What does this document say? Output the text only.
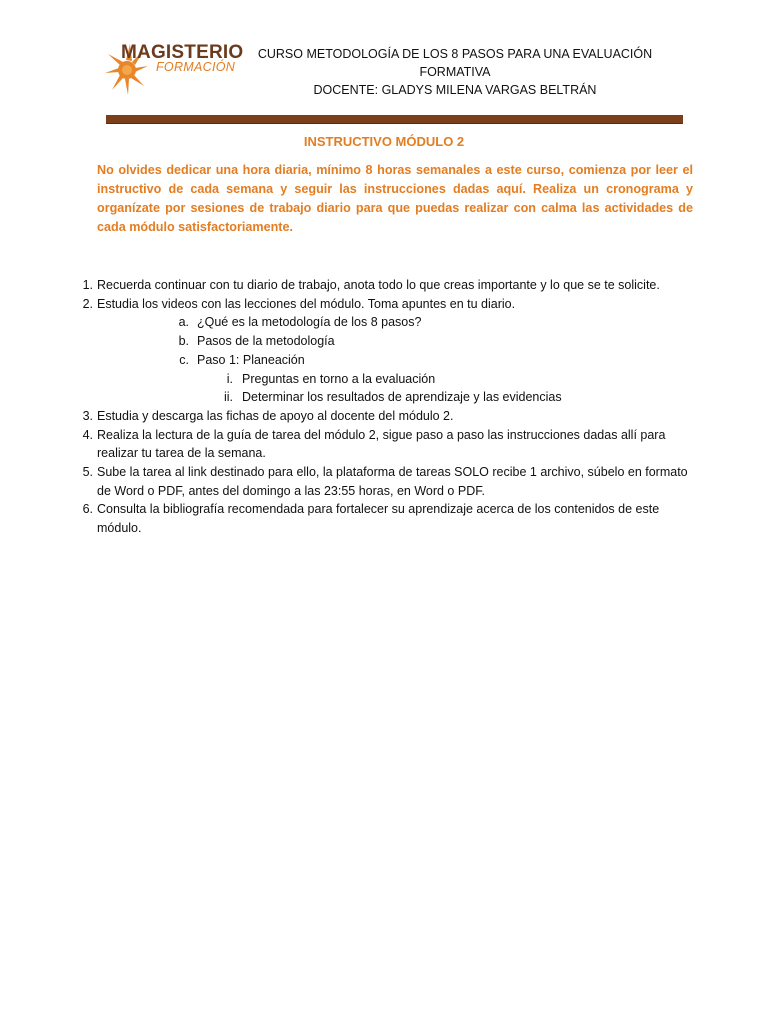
MAGISTERIO
FORMACIÓN
CURSO METODOLOGÍA DE LOS 8 PASOS PARA UNA EVALUACIÓN
FORMATIVA
DOCENTE: GLADYS MILENA VARGAS BELTRÁN
INSTRUCTIVO MÓDULO 2

No olvides dedicar una hora diaria, mínimo 8 horas semanales a este curso, comienza por leer el instructivo de cada semana y seguir las instrucciones dadas aquí. Realiza un cronograma y organízate por sesiones de trabajo diario para que puedas realizar con calma las actividades de cada módulo satisfactoriamente.

1. Recuerda continuar con tu diario de trabajo, anota todo lo que creas importante y lo que se te solicite.
2. Estudia los videos con las lecciones del módulo. Toma apuntes en tu diario.
a. ¿Qué es la metodología de los 8 pasos?
b. Pasos de la metodología
c. Paso 1: Planeación
i. Preguntas en torno a la evaluación
ii. Determinar los resultados de aprendizaje y las evidencias
3. Estudia y descarga las fichas de apoyo al docente del módulo 2.
4. Realiza la lectura de la guía de tarea del módulo 2, sigue paso a paso las instrucciones dadas allí para realizar tu tarea de la semana.
5. Sube la tarea al link destinado para ello, la plataforma de tareas SOLO recibe 1 archivo, súbelo en formato de Word o PDF, antes del domingo a las 23:55 horas, en Word o PDF.
6. Consulta la bibliografía recomendada para fortalecer su aprendizaje acerca de los contenidos de este módulo.
